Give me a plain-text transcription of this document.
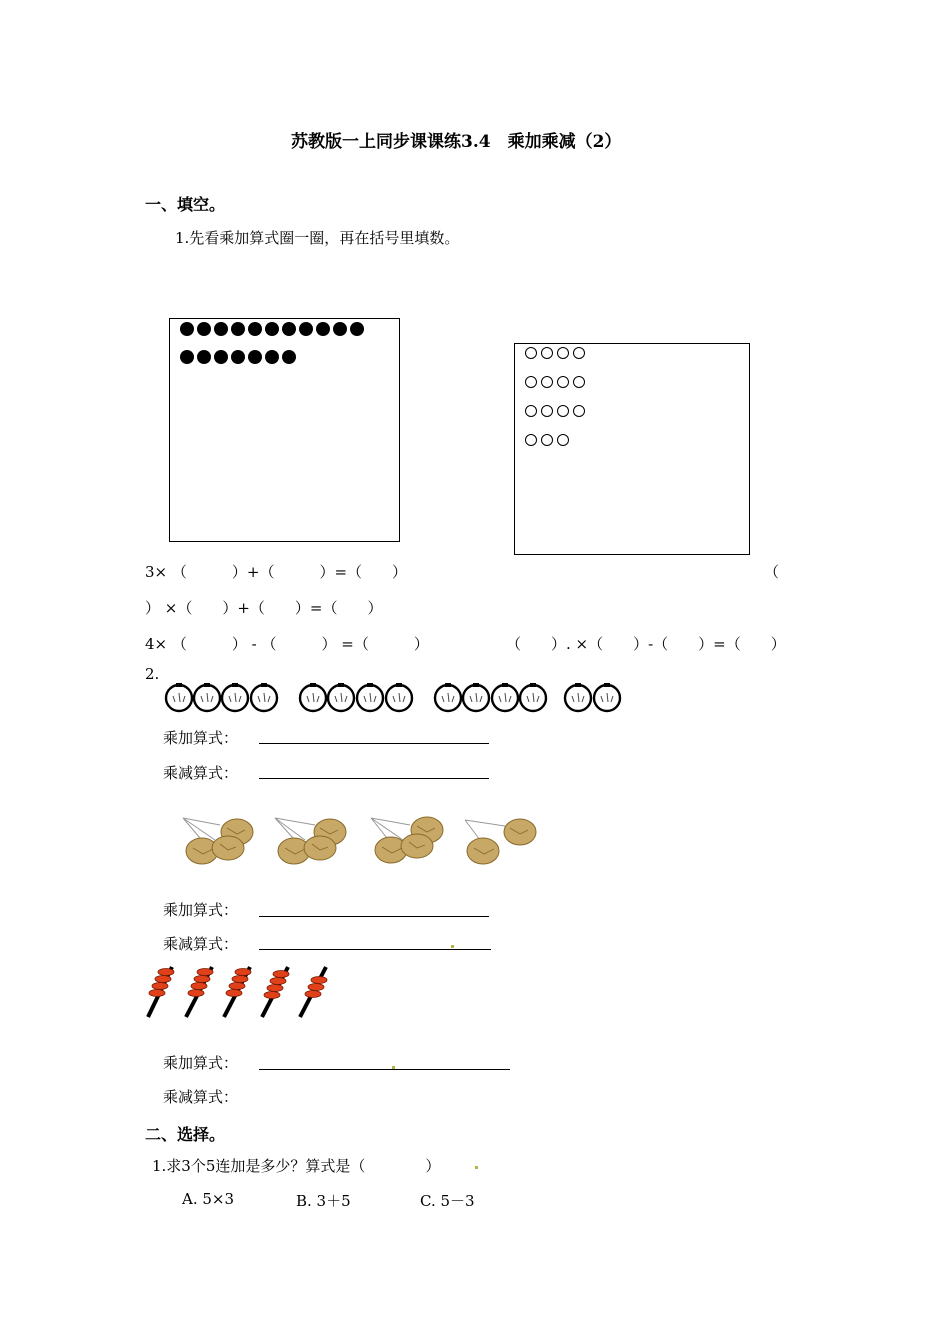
苏教版一上同步课课练3.4　乘加乘减（2）
一、填空。
1.先看乘加算式圈一圈，再在括号里填数。
3× （　　　）+（　　　）=（　　）	（
） ×（　　）+（　　）=（　　）
4× （　　　） - （　　　） =（　　　）	（　　）. ×（　　）-（　　）=（　　）
2.
乘加算式：
乘减算式：
乘加算式：
乘减算式：
乘加算式：
乘减算式：
二、选择。
1.求3个5连加是多少？算式是（　　　　）
A. 5×3	B. 3＋5	C. 5－3
